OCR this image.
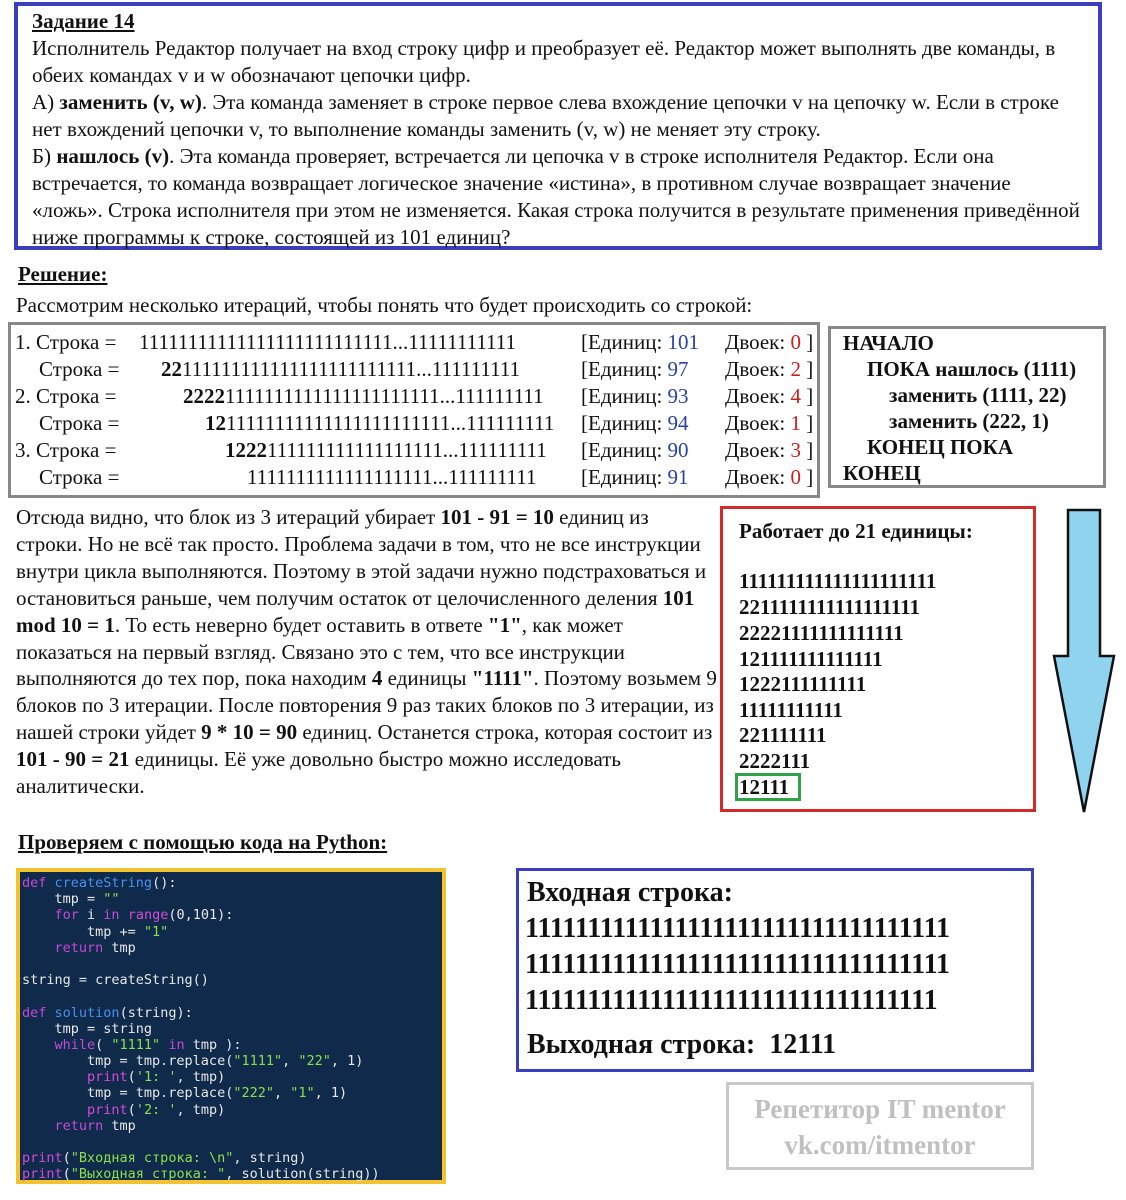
Задание 14

Исполнитель Редактор получает на вход строку цифр и преобразует её. Редактор может выполнять две команды, в обеих командах v и w обозначают цепочки цифр.
А) заменить (v, w). Эта команда заменяет в строке первое слева вхождение цепочки v на цепочку w. Если в строке нет вхождений цепочки v, то выполнение команды заменить (v, w) не меняет эту строку.
Б) нашлось (v). Эта команда проверяет, встречается ли цепочка v в строке исполнителя Редактор. Если она встречается, то команда возвращает логическое значение «истина», в противном случае возвращает значение «ложь». Строка исполнителя при этом не изменяется. Какая строка получится в результате применения приведённой ниже программы к строке, состоящей из 101 единиц?

Решение:
Рассмотрим несколько итераций, чтобы понять что будет происходить со строкой:
1. Строка = 11111111111111111111111111...11111111111	[Единиц: 101 Двоек: 0 ]
Строка = 22111111111111111111111111...111111111	[Единиц: 97 Двоек: 2 ]
2. Строка =	22221111111111111111111111...111111111 [Единиц: 93 Двоек: 4 ]
Строка =	1211111111111111111111111...111111111 [Единиц: 94 Двоек: 1 ]
3. Строка =	1222111111111111111111...111111111 [Единиц: 90 Двоек: 3 ]
Строка =	1111111111111111111...111111111 [Единиц: 91 Двоек: 0 ]
НАЧАЛО
ПОКА нашлось (1111)
заменить (1111, 22)
заменить (222, 1)
КОНЕЦ ПОКА
КОНЕЦ
Отсюда видно, что блок из 3 итераций убирает 101 - 91 = 10 единиц из строки. Но не всё так просто. Проблема задачи в том, что не все инструкции внутри цикла выполняются. Поэтому в этой задачи нужно подстраховаться и остановиться раньше, чем получим остаток от целочисленного деления 101 mod 10 = 1. То есть неверно будет оставить в ответе "1", как может показаться на первый взгляд. Связано это с тем, что все инструкции выполняются до тех пор, пока находим 4 единицы "1111". Поэтому возьмем 9 блоков по 3 итерации. После повторения 9 раз таких блоков по 3 итерации, из нашей строки уйдет 9 * 10 = 90 единиц. Останется строка, которая состоит из 101 - 90 = 21 единицы. Её уже довольно быстро можно исследовать аналитически.
Работает до 21 единицы:
111111111111111111111
2211111111111111111
22221111111111111
121111111111111
1222111111111
11111111111
221111111
2222111
12111
Проверяем с помощью кода на Python:
def createString():
tmp = ""
for i in range(0,101):
tmp += "1"
return tmp

string = createString()

def solution(string):
tmp = string
while( "1111" in tmp ):
tmp = tmp.replace("1111", "22", 1)
print('1: ', tmp)
tmp = tmp.replace("222", "1", 1)
print('2: ', tmp)
return tmp

print("Входная строка: \n", string)
print("Выходная строка: ", solution(string))
Входная строка:
1111111111111111111111111111111111
1111111111111111111111111111111111
111111111111111111111111111111111
Выходная строка: 12111
Репетитор IT mentor
vk.com/itmentor
